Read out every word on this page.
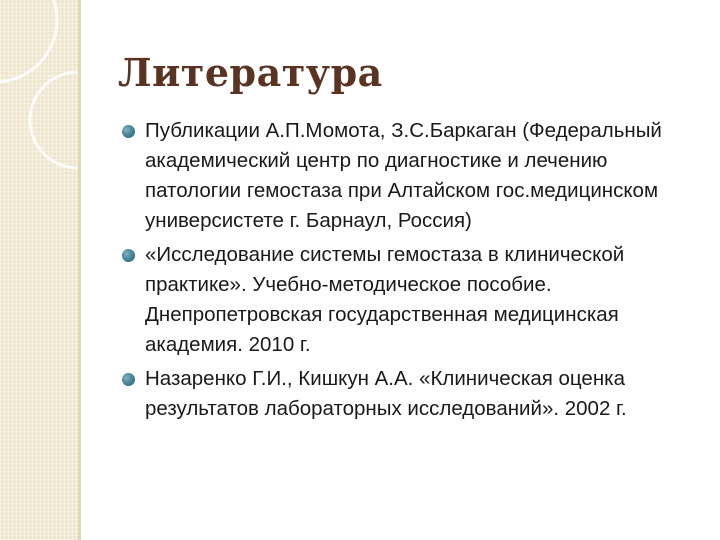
Литература
Публикации А.П.Момота, З.С.Баркаган (Федеральный академический центр по диагностике и лечению патологии гемостаза при Алтайском гос.медицинском универсистете г. Барнаул, Россия)
«Исследование системы гемостаза в клинической практике». Учебно-методическое пособие. Днепропетровская государственная медицинская академия. 2010 г.
Назаренко Г.И., Кишкун А.А. «Клиническая оценка результатов лабораторных исследований». 2002 г.
